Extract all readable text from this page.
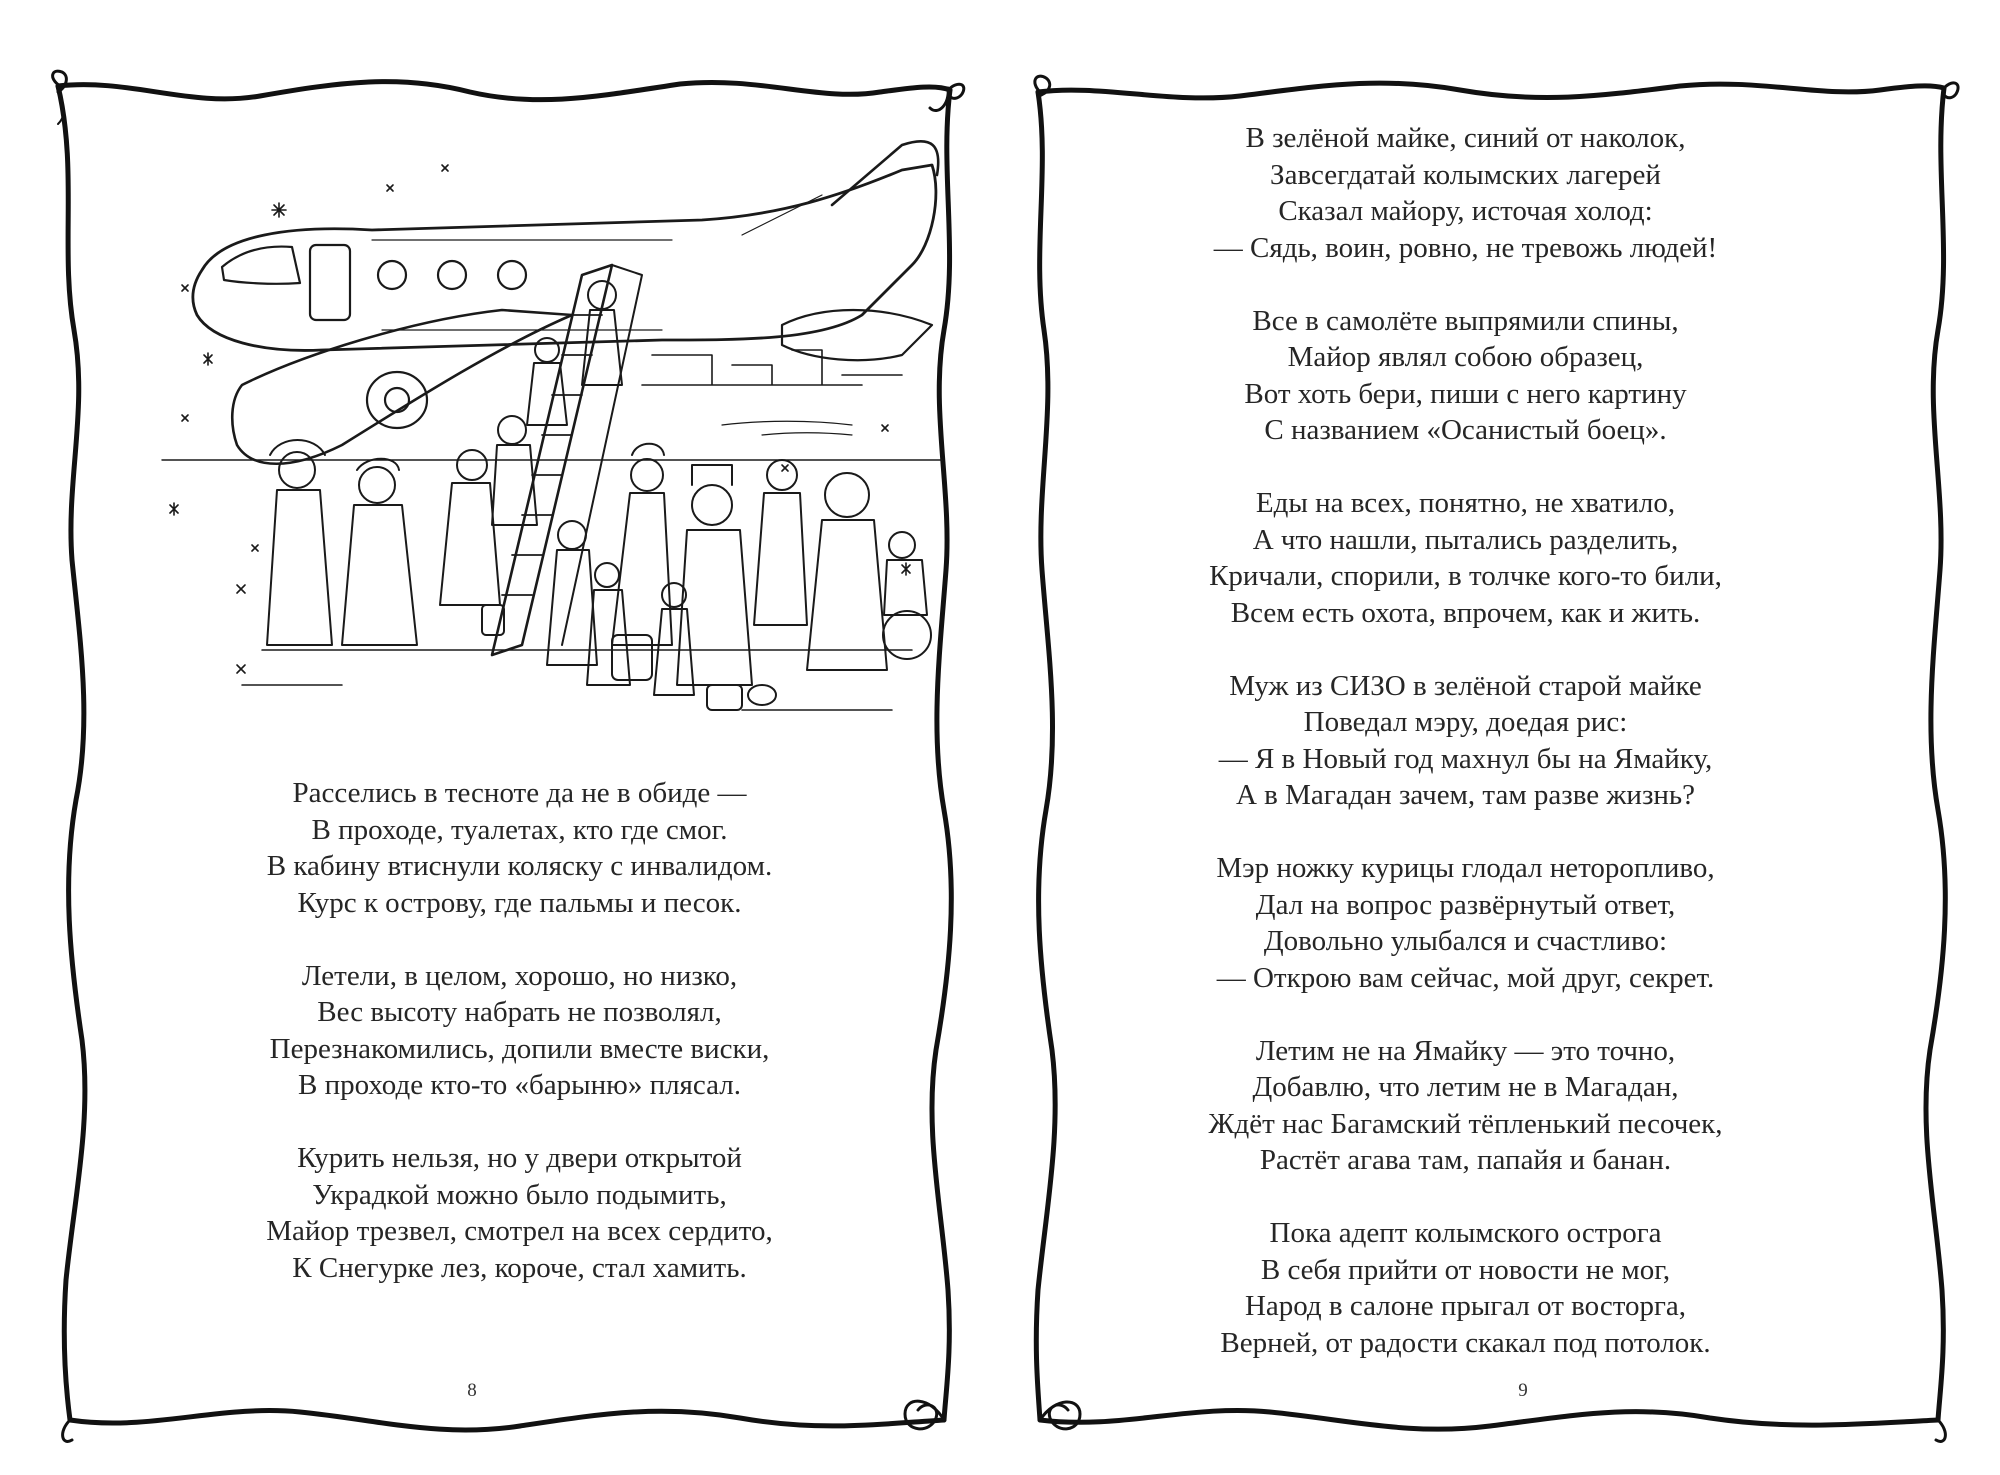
Расселись в тесноте да не в обиде —
В проходе, туалетах, кто где смог.
В кабину втиснули коляску с инвалидом.
Курс к острову, где пальмы и песок.
Летели, в целом, хорошо, но низко,
Вес высоту набрать не позволял,
Перезнакомились, допили вместе виски,
В проходе кто-то «барыню» плясал.
Курить нельзя, но у двери открытой
Украдкой можно было подымить,
Майор трезвел, смотрел на всех сердито,
К Снегурке лез, короче, стал хамить.
8
В зелёной майке, синий от наколок,
Завсегдатай колымских лагерей
Сказал майору, источая холод:
— Сядь, воин, ровно, не тревожь людей!
Все в самолёте выпрямили спины,
Майор являл собою образец,
Вот хоть бери, пиши с него картину
С названием «Осанистый боец».
Еды на всех, понятно, не хватило,
А что нашли, пытались разделить,
Кричали, спорили, в толчке кого-то били,
Всем есть охота, впрочем, как и жить.
Муж из СИЗО в зелёной старой майке
Поведал мэру, доедая рис:
— Я в Новый год махнул бы на Ямайку,
А в Магадан зачем, там разве жизнь?
Мэр ножку курицы глодал неторопливо,
Дал на вопрос развёрнутый ответ,
Довольно улыбался и счастливо:
— Открою вам сейчас, мой друг, секрет.
Летим не на Ямайку — это точно,
Добавлю, что летим не в Магадан,
Ждёт нас Багамский тёпленький песочек,
Растёт агава там, папайя и банан.
Пока адепт колымского острога
В себя прийти от новости не мог,
Народ в салоне прыгал от восторга,
Верней, от радости скакал под потолок.
9
